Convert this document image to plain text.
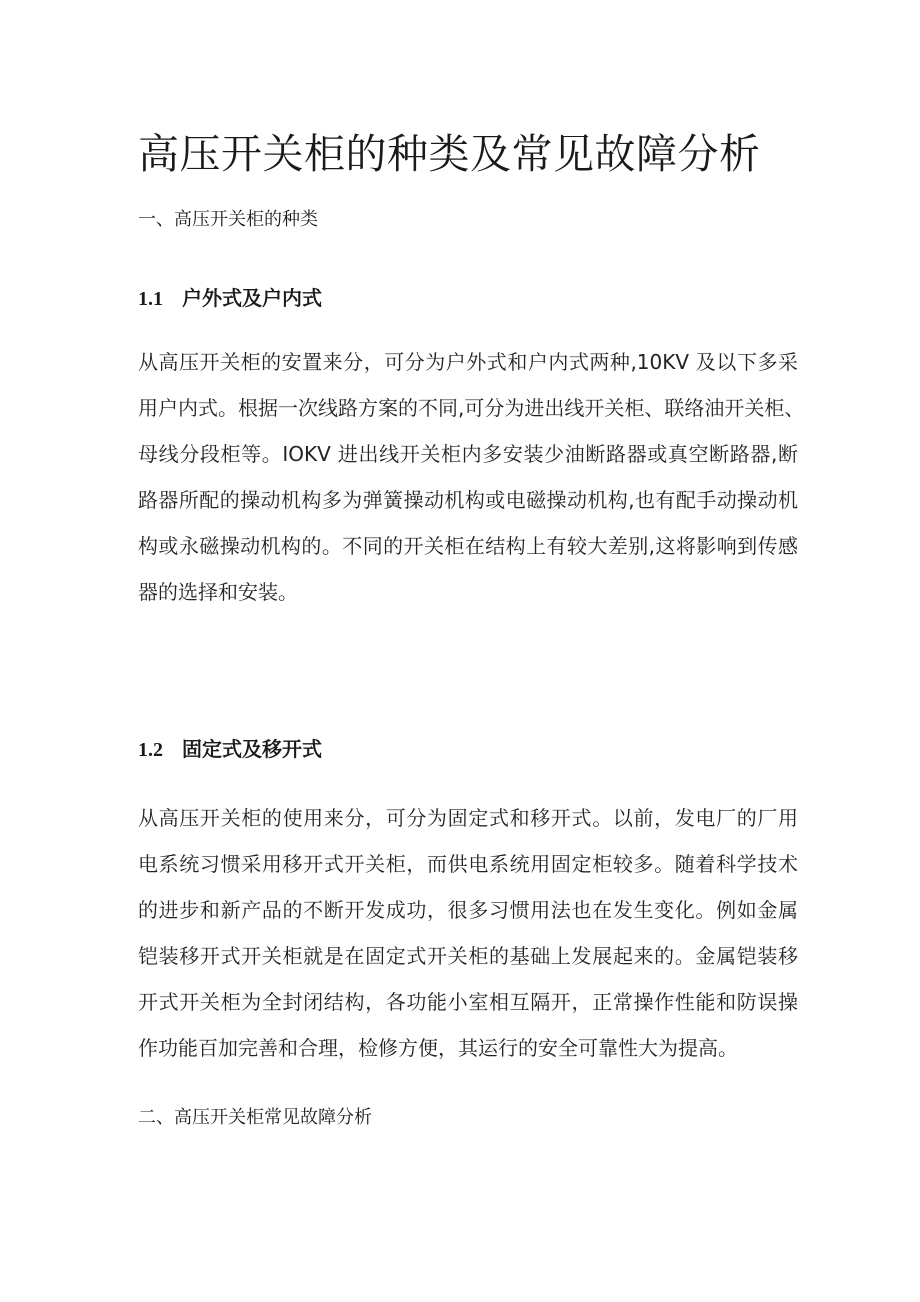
高压开关柜的种类及常见故障分析
一、高压开关柜的种类
1.1 户外式及户内式
从高压开关柜的安置来分，可分为户外式和户内式两种,10KV 及以下多采
用户内式。根据一次线路方案的不同,可分为进出线开关柜、联络油开关柜、
母线分段柜等。IOKV 进出线开关柜内多安装少油断路器或真空断路器,断
路器所配的操动机构多为弹簧操动机构或电磁操动机构,也有配手动操动机
构或永磁操动机构的。不同的开关柜在结构上有较大差别,这将影响到传感
器的选择和安装。
1.2 固定式及移开式
从高压开关柜的使用来分，可分为固定式和移开式。以前，发电厂的厂用
电系统习惯采用移开式开关柜，而供电系统用固定柜较多。随着科学技术
的进步和新产品的不断开发成功，很多习惯用法也在发生变化。例如金属
铠装移开式开关柜就是在固定式开关柜的基础上发展起来的。金属铠装移
开式开关柜为全封闭结构，各功能小室相互隔开，正常操作性能和防误操
作功能百加完善和合理，检修方便，其运行的安全可靠性大为提高。
二、高压开关柜常见故障分析
